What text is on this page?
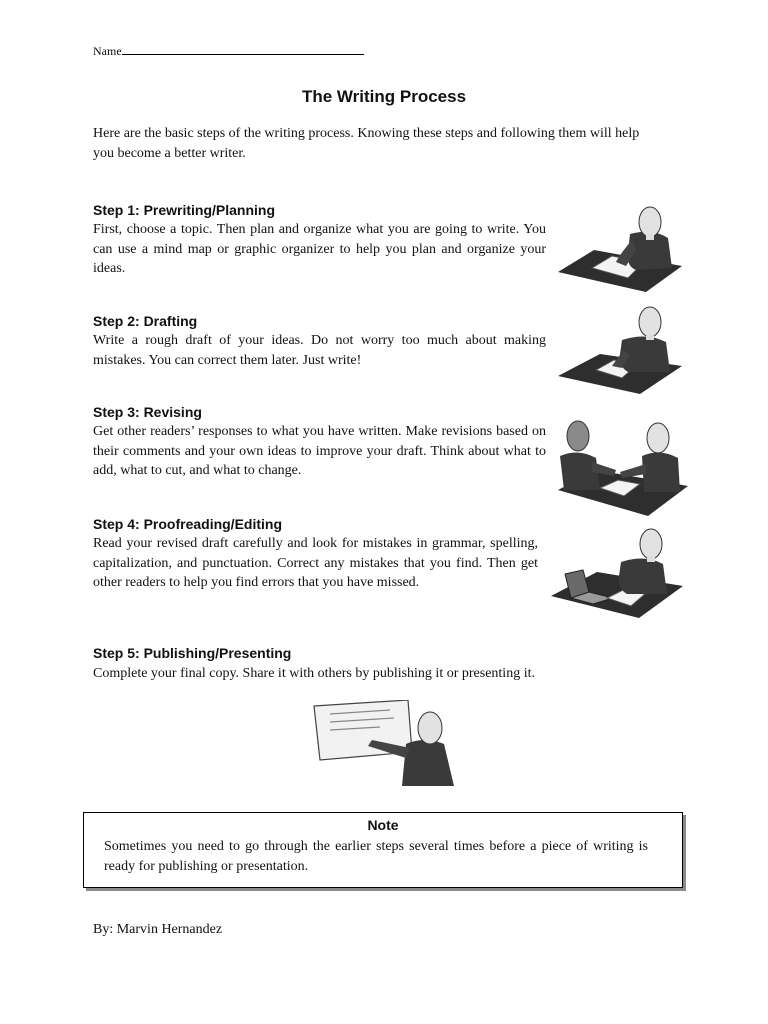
Name
The Writing Process
Here are the basic steps of the writing process. Knowing these steps and following them will help you become a better writer.
Step 1: Prewriting/Planning
First, choose a topic. Then plan and organize what you are going to write. You can use a mind map or graphic organizer to help you plan and organize your ideas.
Step 2: Drafting
Write a rough draft of your ideas. Do not worry too much about making mistakes. You can correct them later. Just write!
Step 3: Revising
Get other readers’ responses to what you have written. Make revisions based on their comments and your own ideas to improve your draft. Think about what to add, what to cut, and what to change.
Step 4: Proofreading/Editing
Read your revised draft carefully and look for mistakes in grammar, spelling, capitalization, and punctuation. Correct any mistakes that you find. Then get other readers to help you find errors that you have missed.
Step 5: Publishing/Presenting
Complete your final copy. Share it with others by publishing it or presenting it.
Note
Sometimes you need to go through the earlier steps several times before a piece of writing is ready for publishing or presentation.
By: Marvin Hernandez
